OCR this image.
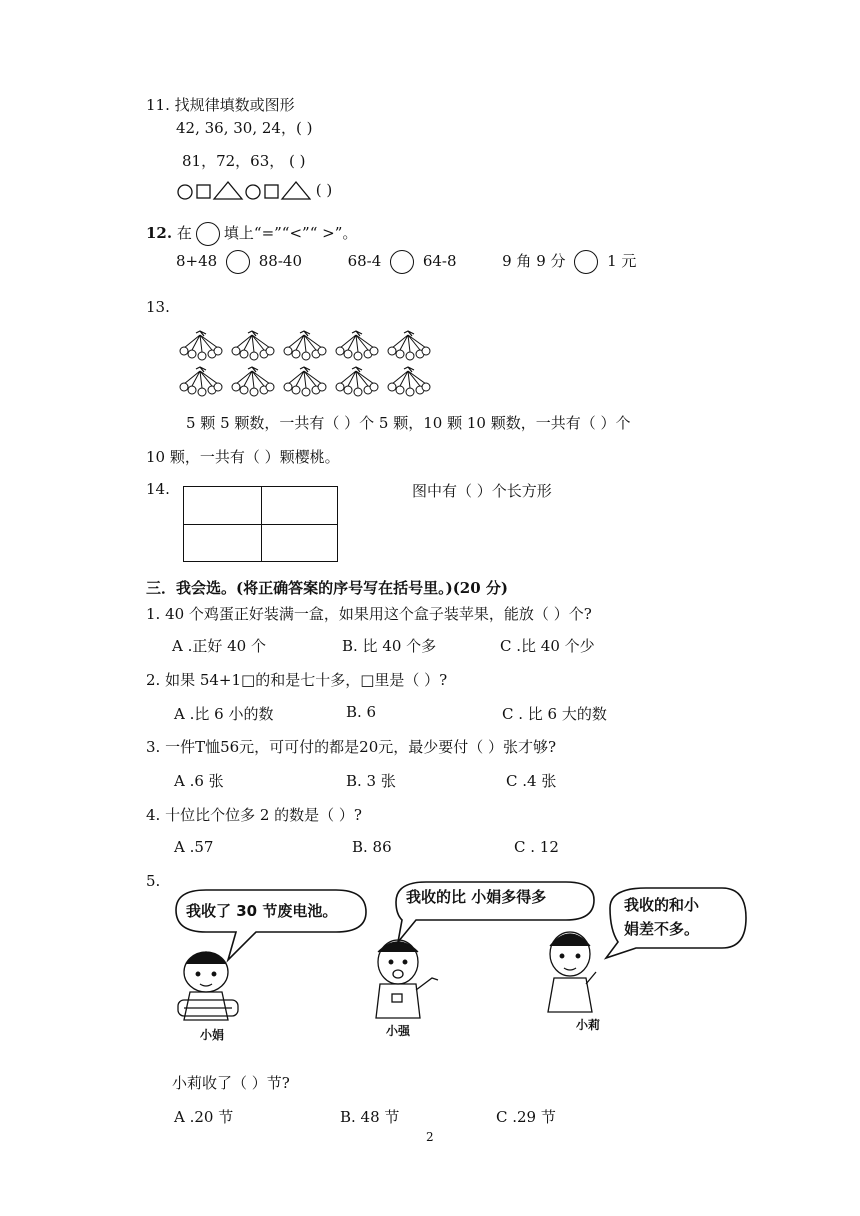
11. 找规律填数或图形
42, 36, 30, 24，( )
81，72，63， ( )
( )
12. 在 填上“=”“<”“ >”。
8+48	88-40	68-4	64-8	9 角 9 分	1 元
13.
5 颗 5 颗数，一共有（ ）个 5 颗，10 颗 10 颗数，一共有（ ）个
10 颗，一共有（ ）颗樱桃。
14.	图中有（ ）个长方形
三．我会选。(将正确答案的序号写在括号里。)(20 分)
1. 40 个鸡蛋正好装满一盒，如果用这个盒子装苹果，能放（ ）个?
A .正好 40 个	B. 比 40 个多	C .比 40 个少
2. 如果 54+1□的和是七十多，□里是（ ）?
A .比 6 小的数	B. 6	C . 比 6 大的数
3. 一件T恤56元，可可付的都是20元，最少要付（ ）张才够?
A .6 张	B. 3 张	C .4 张
4. 十位比个位多 2 的数是（ ）?
A .57	B. 86	C . 12
5.
我收了 30 节废电池。
我收的比 小娟多得多	我收的和小
娟差不多。
小娟	小强	小莉
小莉收了（ ）节?
A .20 节	B. 48 节	C .29 节
2
